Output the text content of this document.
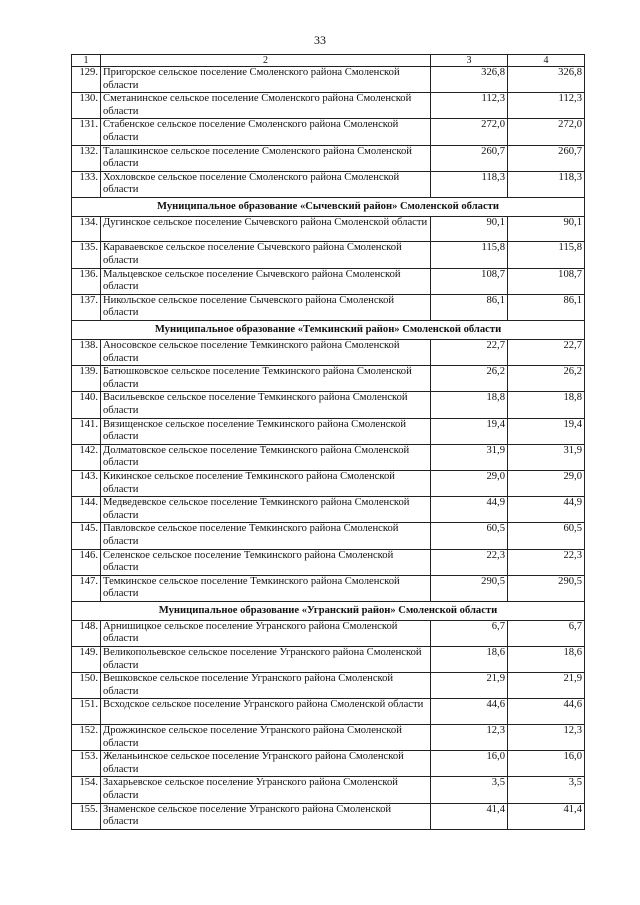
33
1	2	3	4
129.	Пригорское сельское поселение Смоленского района Смоленской области	326,8	326,8
130.	Сметанинское сельское поселение Смоленского района Смоленской области	112,3	112,3
131.	Стабенское сельское поселение Смоленского района Смоленской области	272,0	272,0
132.	Талашкинское сельское поселение Смоленского района Смоленской области	260,7	260,7
133.	Хохловское сельское поселение Смоленского района Смоленской области	118,3	118,3
Муниципальное образование «Сычевский район» Смоленской области			
134.	Дугинское сельское поселение Сычевского района Смоленской области	90,1	90,1
135.	Караваевское сельское поселение Сычевского района Смоленской области	115,8	115,8
136.	Мальцевское сельское поселение Сычевского района Смоленской области	108,7	108,7
137.	Никольское сельское поселение Сычевского района Смоленской области	86,1	86,1
Муниципальное образование «Темкинский район» Смоленской области			
138.	Аносовское сельское поселение Темкинского района Смоленской области	22,7	22,7
139.	Батюшковское сельское поселение Темкинского района Смоленской области	26,2	26,2
140.	Васильевское сельское поселение Темкинского района Смоленской области	18,8	18,8
141.	Вязищенское сельское поселение Темкинского района Смоленской области	19,4	19,4
142.	Долматовское сельское поселение Темкинского района Смоленской области	31,9	31,9
143.	Кикинское сельское поселение Темкинского района Смоленской области	29,0	29,0
144.	Медведевское сельское поселение Темкинского района Смоленской области	44,9	44,9
145.	Павловское сельское поселение Темкинского района Смоленской области	60,5	60,5
146.	Селенское сельское поселение Темкинского района Смоленской области	22,3	22,3
147.	Темкинское сельское поселение Темкинского района Смоленской области	290,5	290,5
Муниципальное образование «Угранский район» Смоленской области			
148.	Арнишицкое сельское поселение Угранского района Смоленской области	6,7	6,7
149.	Великопольевское сельское поселение Угранского района Смоленской области	18,6	18,6
150.	Вешковское сельское поселение Угранского района Смоленской области	21,9	21,9
151.	Всходское сельское поселение Угранского района Смоленской области	44,6	44,6
152.	Дрожжинское сельское поселение Угранского района Смоленской области	12,3	12,3
153.	Желаньинское сельское поселение Угранского района Смоленской области	16,0	16,0
154.	Захарьевское сельское поселение Угранского района Смоленской области	3,5	3,5
155.	Знаменское сельское поселение Угранского района Смоленской области	41,4	41,4
